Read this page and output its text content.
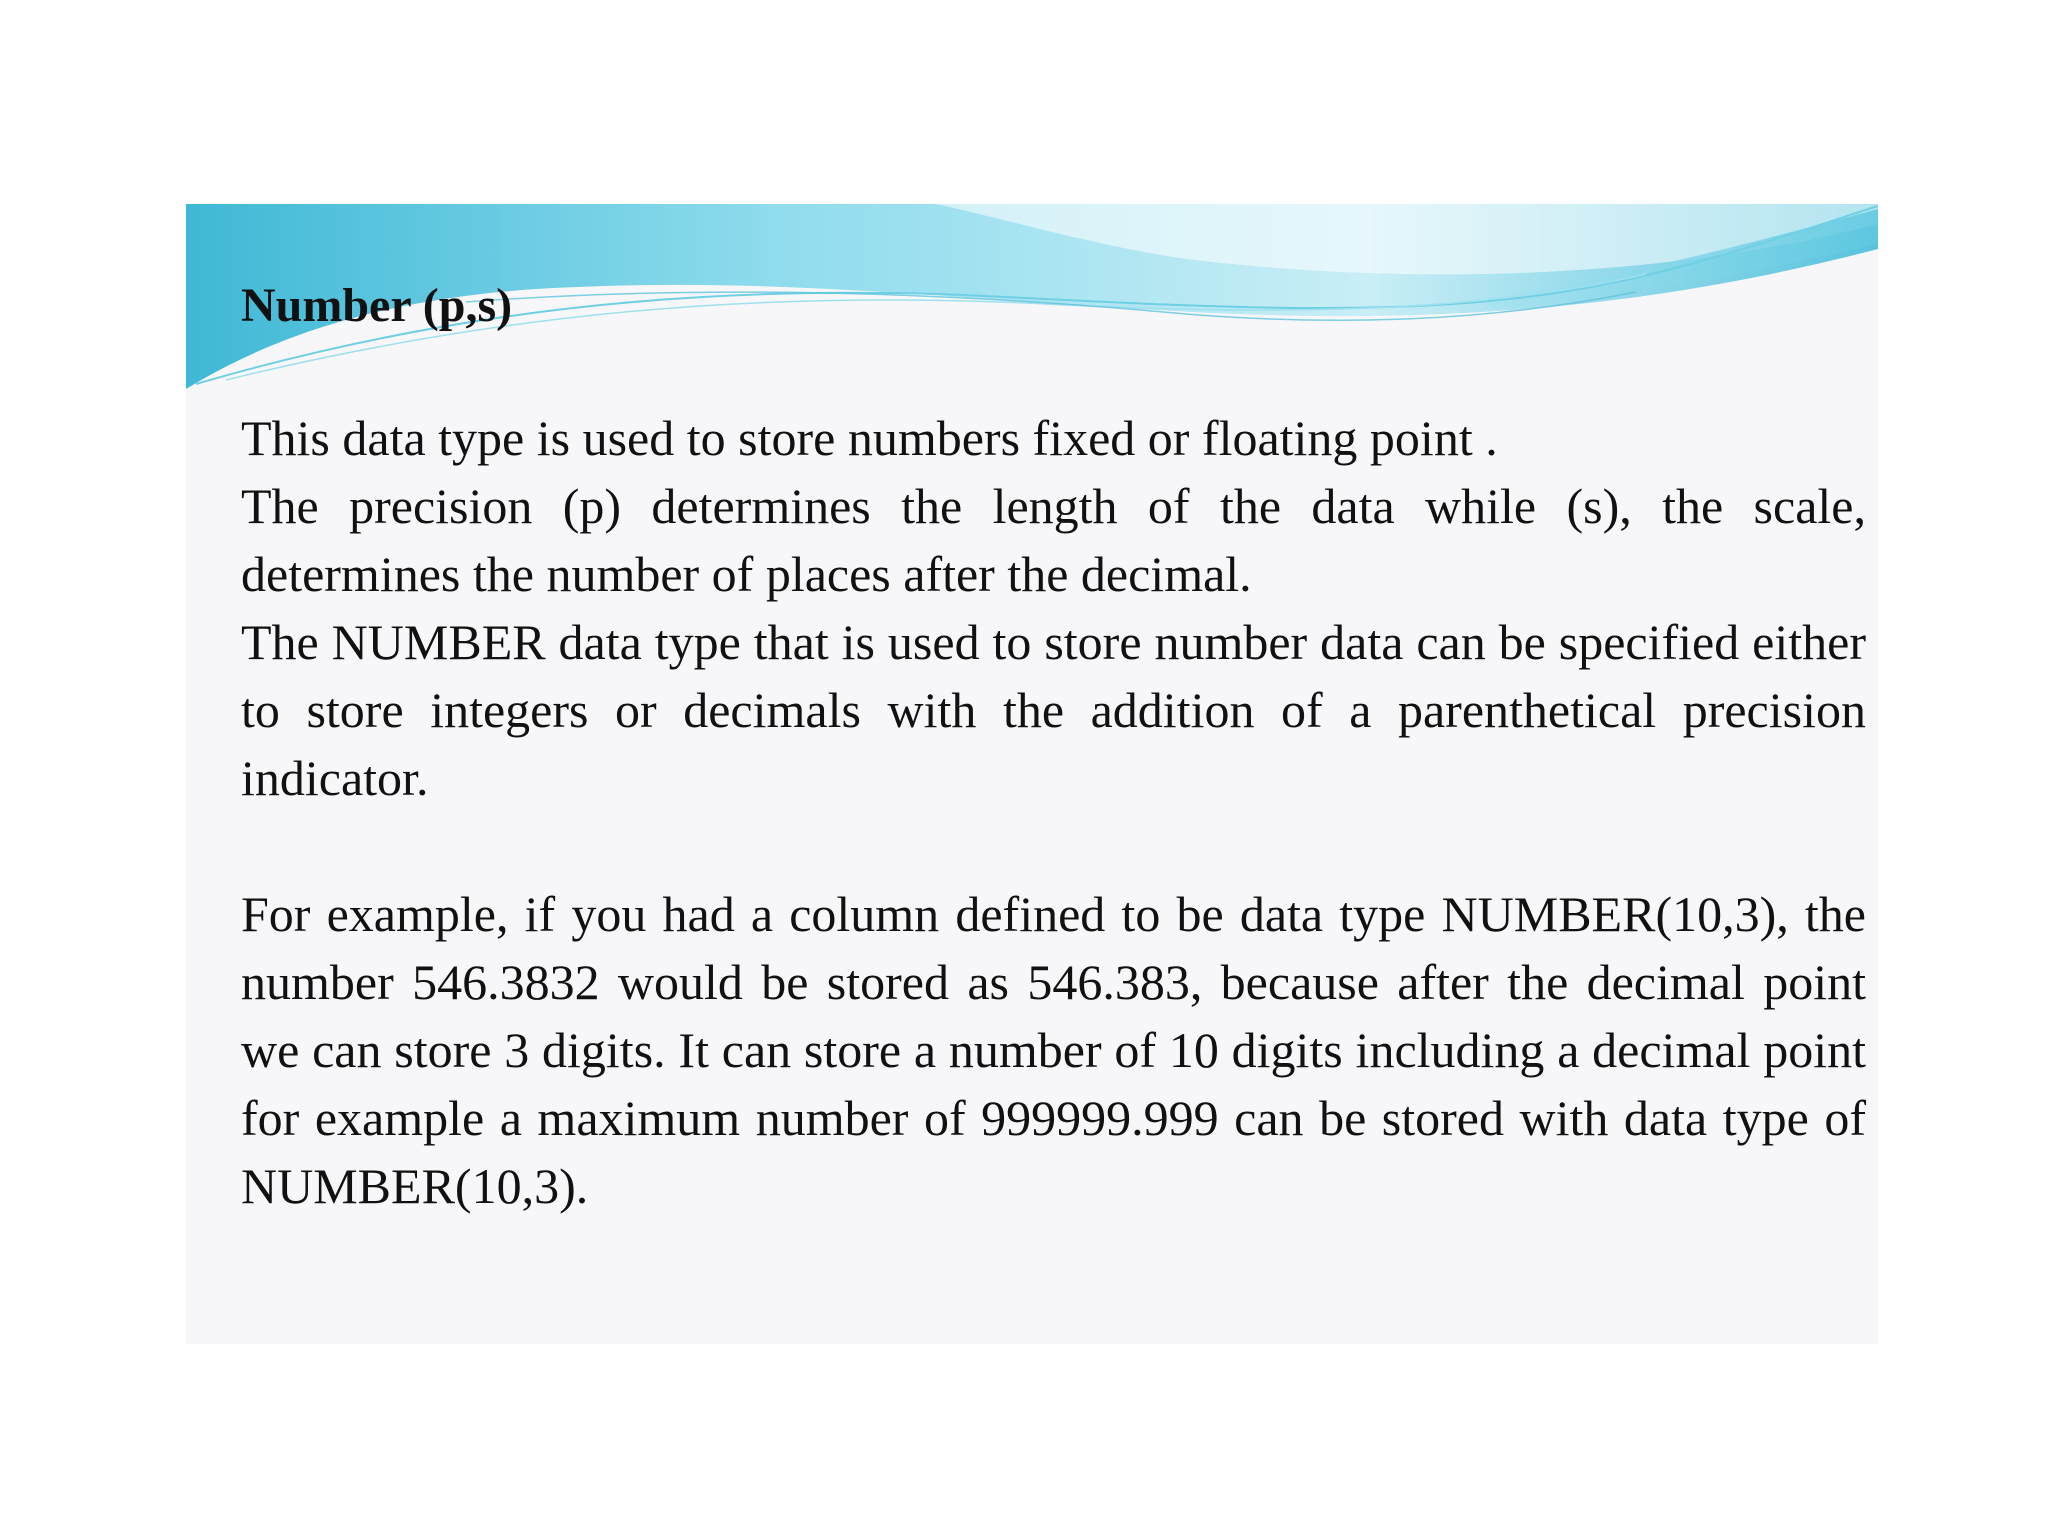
Number (p,s)

This data type is used to store numbers fixed or floating point .

The precision (p) determines the length of the data while (s), the scale, determines the number of places after the decimal.

The NUMBER data type that is used to store number data can be specified either to store integers or decimals with the addition of a parenthetical precision indicator.

For example, if you had a column defined to be data type NUMBER(10,3), the number 546.3832 would be stored as 546.383, because after the decimal point we can store 3 digits. It can store a number of 10 digits including a decimal point for example a maximum number of 999999.999 can be stored with data type of NUMBER(10,3).
